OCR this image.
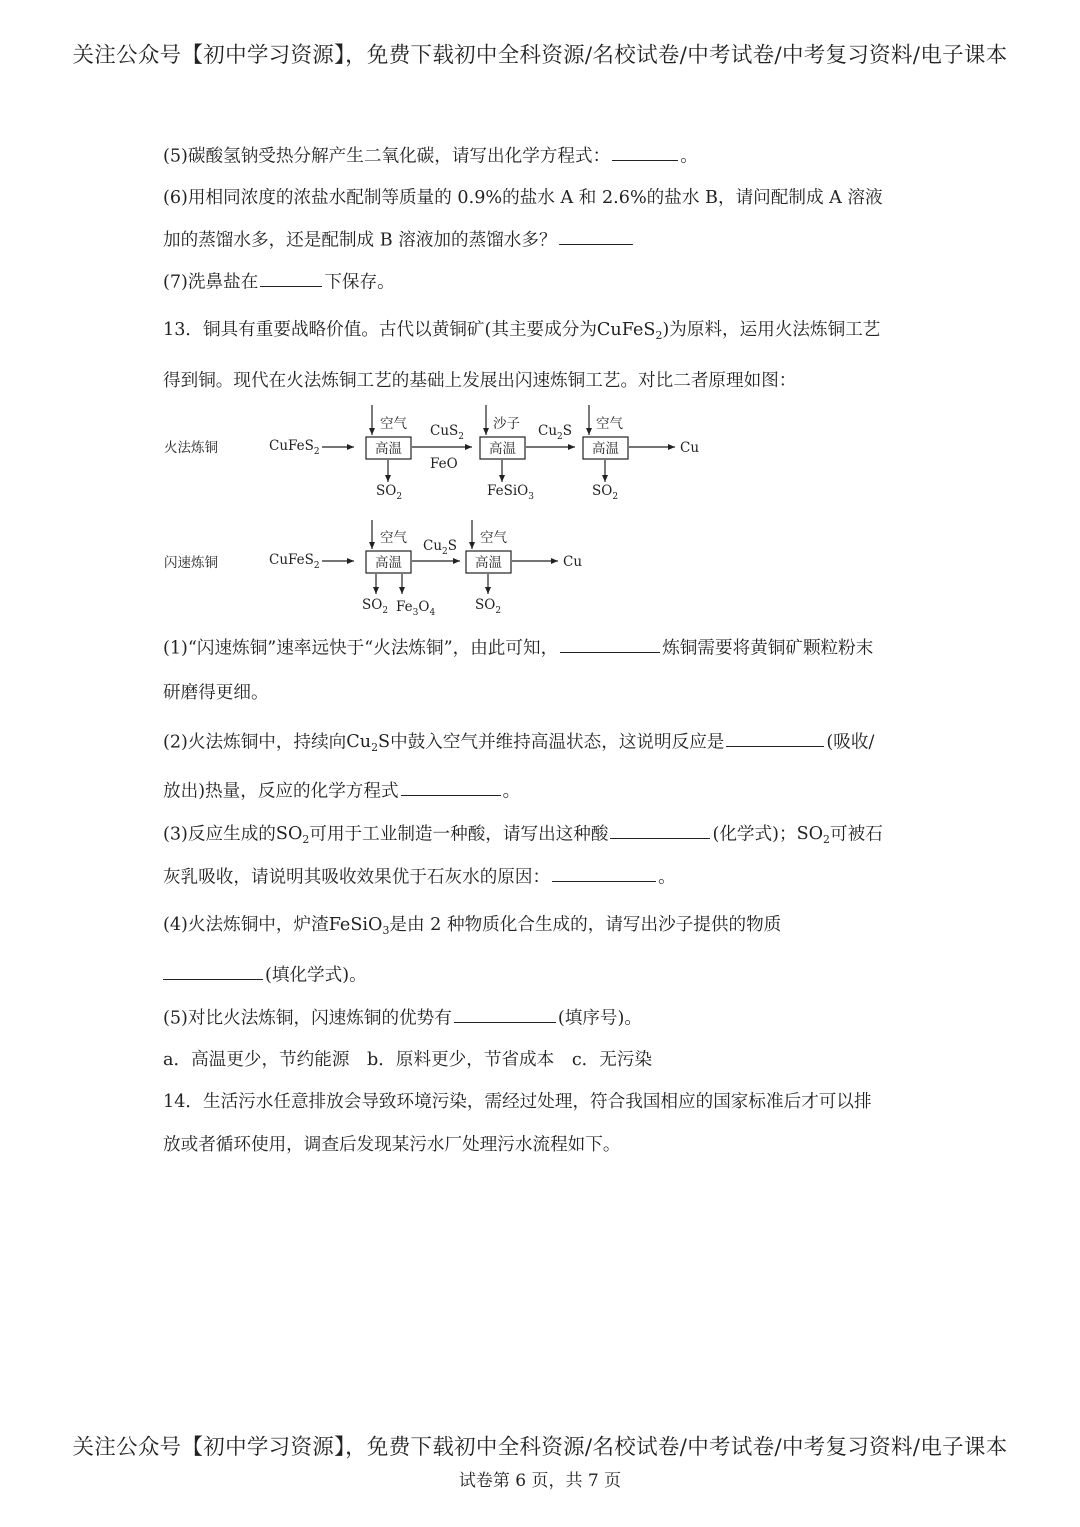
关注公众号【初中学习资源】，免费下载初中全科资源/名校试卷/中考试卷/中考复习资料/电子课本
(5)碳酸氢钠受热分解产生二氧化碳，请写出化学方程式：	。
(6)用相同浓度的浓盐水配制等质量的 0.9%的盐水 A 和 2.6%的盐水 B，请问配制成 A 溶液
加的蒸馏水多，还是配制成 B 溶液加的蒸馏水多？
(7)洗鼻盐在	下保存。
13．铜具有重要战略价值。古代以黄铜矿(其主要成分为CuFeS$_2$)为原料，运用火法炼铜工艺
得到铜。现代在火法炼铜工艺的基础上发展出闪速炼铜工艺。对比二者原理如图：
火法炼铜	CuFeS$_2$	高温
空气
$SO_2$
CuS$_2$
FeO
高温
沙子
FeSiO$_3$
$Cu_2S$
高温
空气
$SO_2$
Cu
闪速炼铜	CuFeS$_2$	高温
空气
$SO_2$ $Fe_3O_4$
$Cu_2S$
高温
空气
$SO_2$
Cu
(1)“闪速炼铜”速率远快于“火法炼铜”，由此可知，	炼铜需要将黄铜矿颗粒粉末
研磨得更细。
(2)火法炼铜中，持续向$Cu_2S$中鼓入空气并维持高温状态，这说明反应是	(吸收/
放出)热量，反应的化学方程式	。
(3)反应生成的$SO_2$可用于工业制造一种酸，请写出这种酸	(化学式)；$SO_2$可被石
灰乳吸收，请说明其吸收效果优于石灰水的原因：	。
(4)火法炼铜中，炉渣FeSiO$_3$是由 2 种物质化合生成的，请写出沙子提供的物质
(填化学式)。
(5)对比火法炼铜，闪速炼铜的优势有	(填序号)。
a．高温更少，节约能源　b．原料更少，节省成本　c．无污染
14．生活污水任意排放会导致环境污染，需经过处理，符合我国相应的国家标准后才可以排
放或者循环使用，调查后发现某污水厂处理污水流程如下。
关注公众号【初中学习资源】，免费下载初中全科资源/名校试卷/中考试卷/中考复习资料/电子课本
试卷第 6 页，共 7 页
